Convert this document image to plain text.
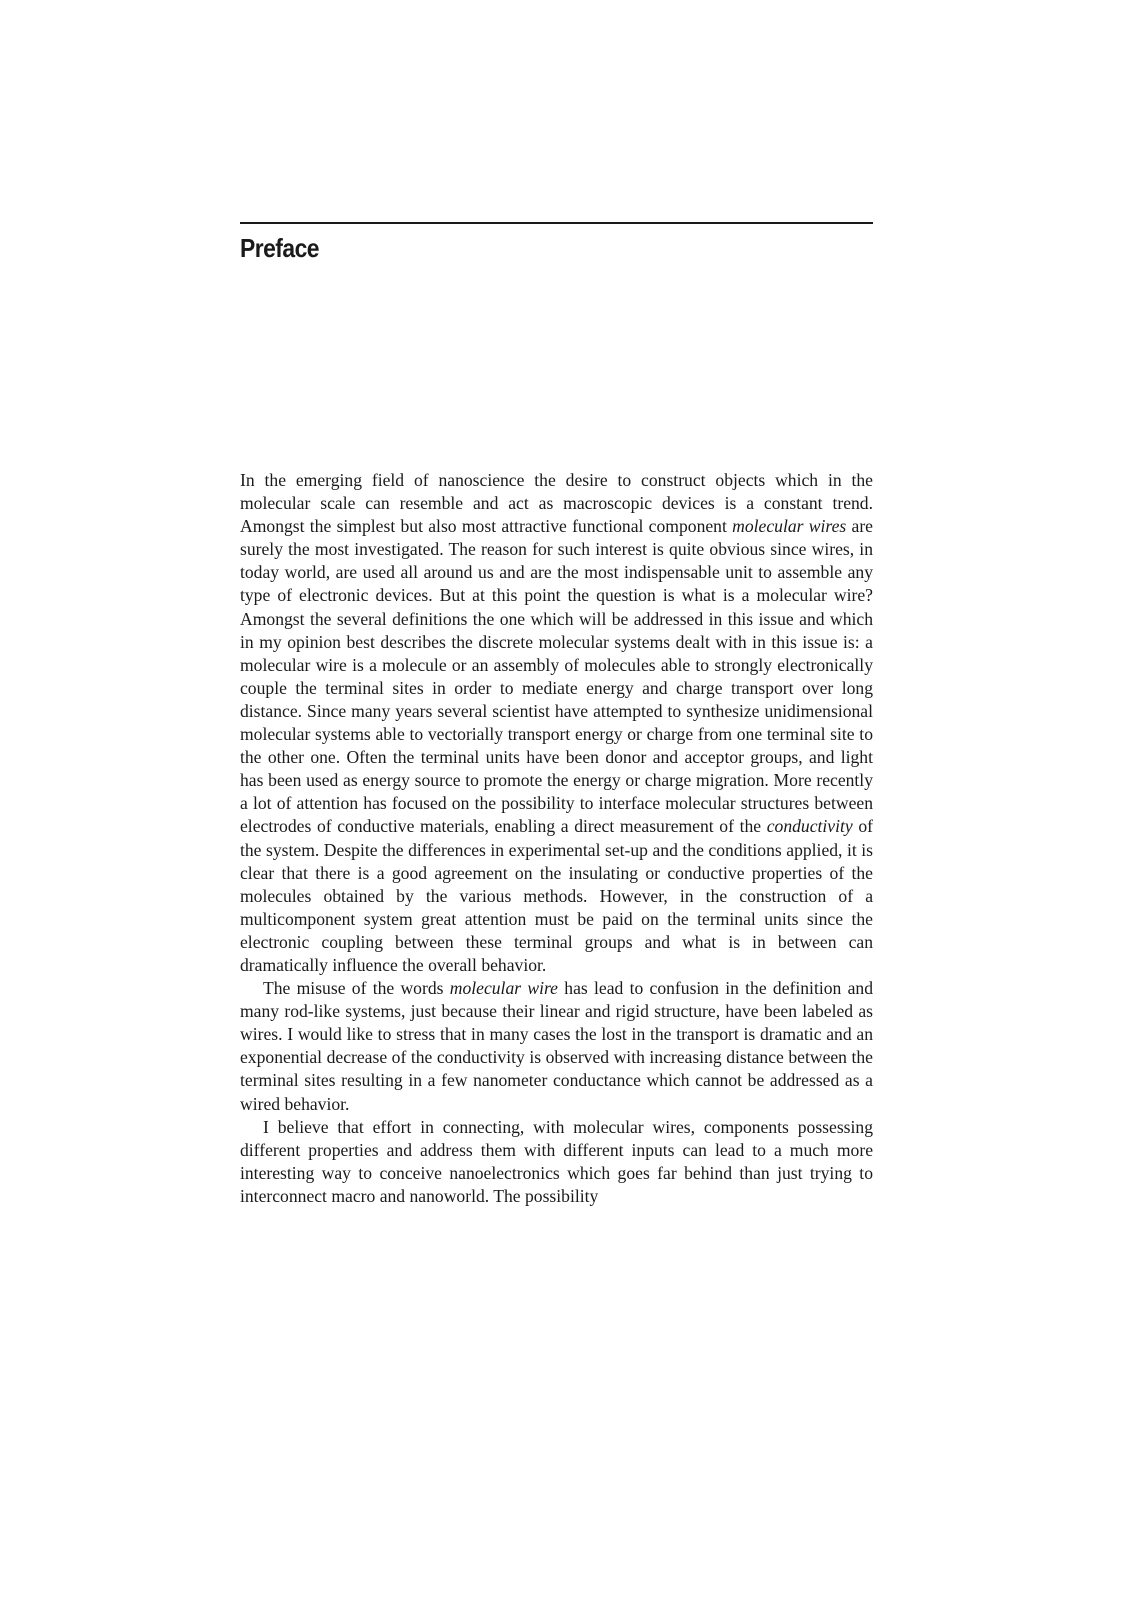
Preface

In the emerging field of nanoscience the desire to construct objects which in the molecular scale can resemble and act as macroscopic devices is a constant trend. Amongst the simplest but also most attractive functional component molecular wires are surely the most investigated. The reason for such interest is quite obvious since wires, in today world, are used all around us and are the most indispensable unit to assemble any type of electronic devices. But at this point the question is what is a molecular wire? Amongst the several definitions the one which will be addressed in this issue and which in my opinion best describes the discrete molecular systems dealt with in this issue is: a molecular wire is a molecule or an assembly of molecules able to strongly electronically couple the terminal sites in order to mediate energy and charge transport over long distance. Since many years several scientist have attempted to synthesize unidimensional molecular systems able to vectorially transport energy or charge from one terminal site to the other one. Often the terminal units have been donor and acceptor groups, and light has been used as energy source to promote the energy or charge migration. More recently a lot of attention has focused on the possibility to interface molecular structures between electrodes of conductive materials, enabling a direct measurement of the conductivity of the system. Despite the differences in experimental set-up and the conditions applied, it is clear that there is a good agreement on the insulating or conductive properties of the molecules obtained by the various methods. However, in the construction of a multicomponent system great attention must be paid on the terminal units since the electronic coupling between these terminal groups and what is in between can dramatically influence the overall behavior.

The misuse of the words molecular wire has lead to confusion in the definition and many rod-like systems, just because their linear and rigid structure, have been labeled as wires. I would like to stress that in many cases the lost in the transport is dramatic and an exponential decrease of the conductivity is observed with increasing distance between the terminal sites resulting in a few nanometer conductance which cannot be addressed as a wired behavior.

I believe that effort in connecting, with molecular wires, components possessing different properties and address them with different inputs can lead to a much more interesting way to conceive nanoelectronics which goes far behind than just trying to interconnect macro and nanoworld. The possibility
